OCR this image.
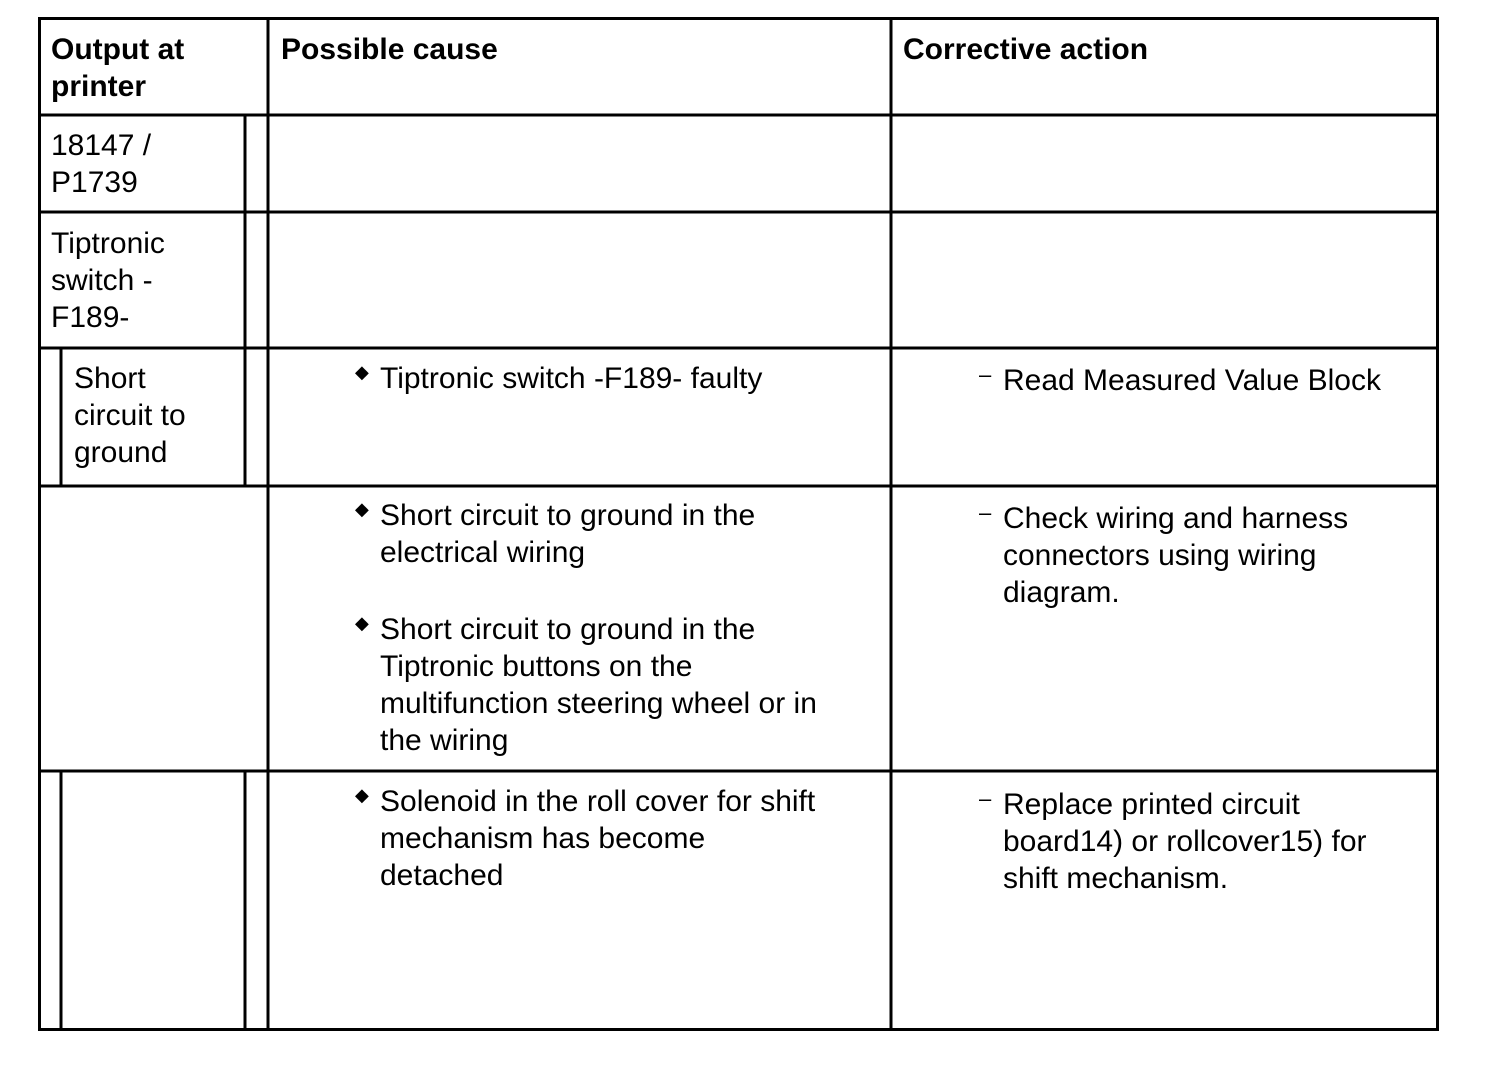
Output at
printer

Possible cause	Corrective action

18147 /
P1739

Tiptronic
switch -
F189-

Short
circuit to
ground

◆ Tiptronic switch -F189- faulty
◆ Short circuit to ground in the
electrical wiring
◆ Short circuit to ground in the
Tiptronic buttons on the
multifunction steering wheel or in
the wiring
◆ Solenoid in the roll cover for shift
mechanism has become
detached
– Read Measured Value Block
– Check wiring and harness
connectors using wiring
diagram.
– Replace printed circuit
board14) or rollcover15) for
shift mechanism.
